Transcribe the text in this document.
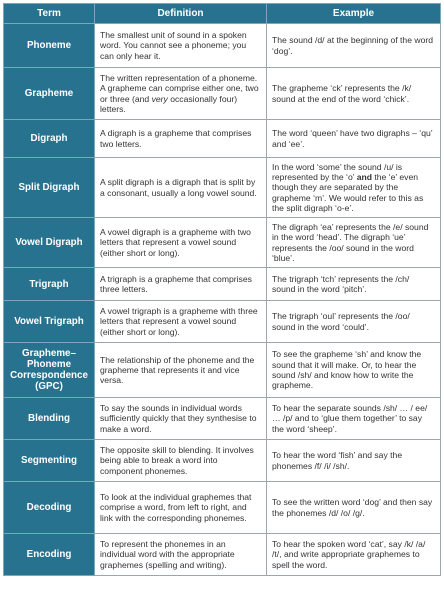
Term	Definition	Example
Phoneme	The smallest unit of sound in a spoken word. You cannot see a phoneme; you can only hear it.	The sound /d/ at the beginning of the word ‘dog’.
Grapheme	The written representation of a phoneme. A grapheme can comprise either one, two or three (and very occasionally four) letters.	The grapheme ‘ck’ represents the /k/ sound at the end of the word ‘chick’.
Digraph	A digraph is a grapheme that comprises two letters.	The word ‘queen’ have two digraphs – ‘qu’ and ‘ee’.
Split Digraph	A split digraph is a digraph that is split by a consonant, usually a long vowel sound.	In the word ‘some’ the sound /u/ is represented by the ‘o’ and the ‘e’ even though they are separated by the grapheme ‘m’. We would refer to this as the split digraph ‘o-e’.
Vowel Digraph	A vowel digraph is a grapheme with two letters that represent a vowel sound (either short or long).	The digraph ‘ea’ represents the /e/ sound in the word ‘head’. The digraph ‘ue’ represents the /oo/ sound in the word ‘blue’.
Trigraph	A trigraph is a grapheme that comprises three letters.	The trigraph ‘tch’ represents the /ch/ sound in the word ‘pitch’.
Vowel Trigraph	A vowel trigraph is a grapheme with three letters that represent a vowel sound (either short or long).	The trigraph ‘oul’ represents the /oo/ sound in the word ‘could’.
Grapheme–
Phoneme
Correspondence
(GPC)	The relationship of the phoneme and the grapheme that represents it and vice versa.	To see the grapheme ‘sh’ and know the sound that it will make. Or, to hear the sound /sh/ and know how to write the grapheme.
Blending	To say the sounds in individual words sufficiently quickly that they synthesise to make a word.	To hear the separate sounds /sh/ … / ee/ … /p/ and to ‘glue them together’ to say the word ‘sheep’.
Segmenting	The opposite skill to blending. It involves being able to break a word into component phonemes.	To hear the word ‘fish’ and say the phonemes /f/ /i/ /sh/.
Decoding	To look at the individual graphemes that comprise a word, from left to right, and link with the corresponding phonemes.	To see the written word ‘dog’ and then say the phonemes /d/ /o/ /g/.
Encoding	To represent the phonemes in an individual word with the appropriate graphemes (spelling and writing).	To hear the spoken word ‘cat’, say /k/ /a/ /t/, and write appropriate graphemes to spell the word.
